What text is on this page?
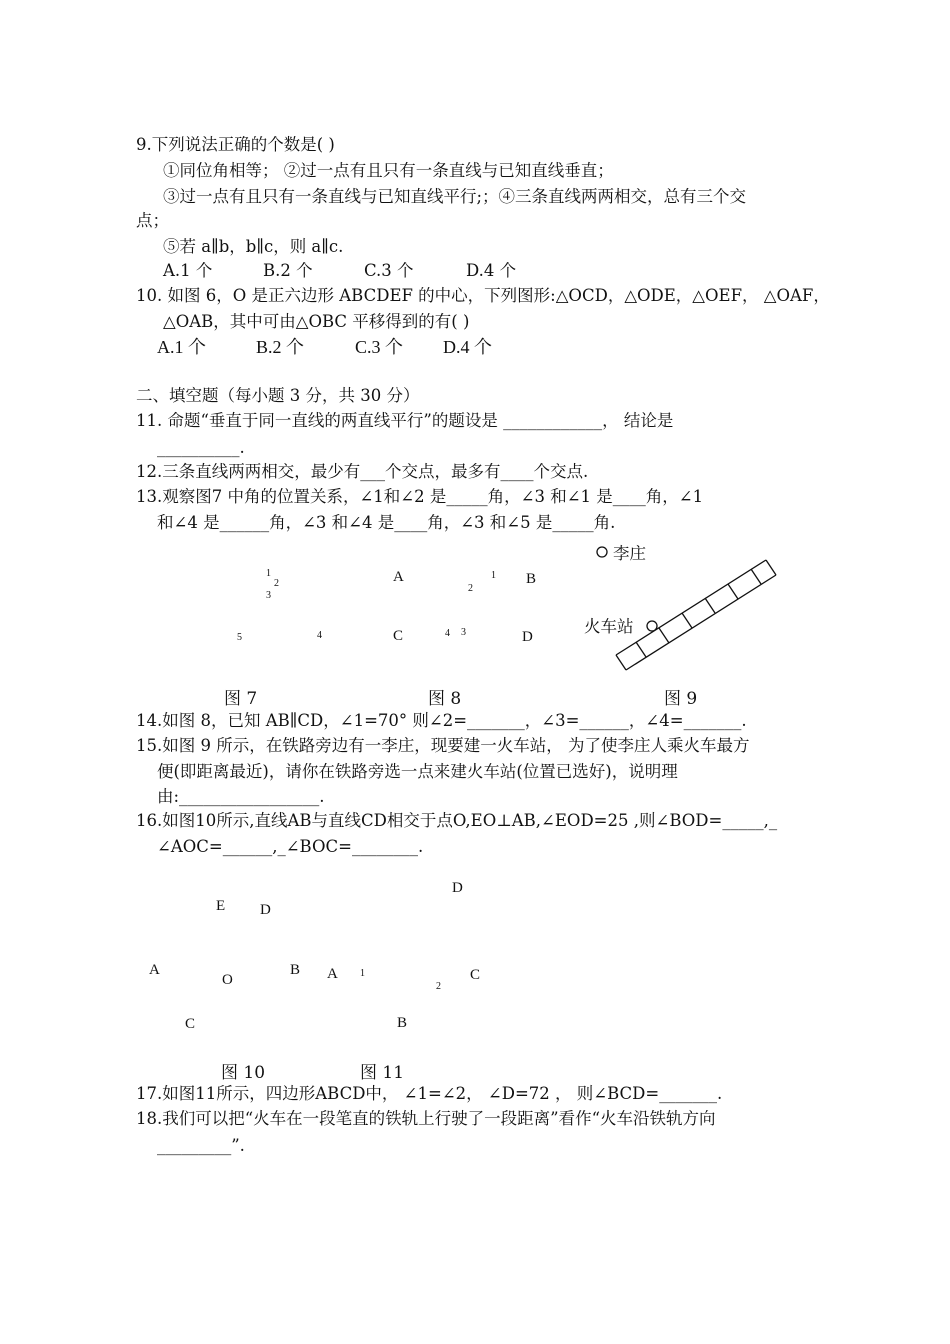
9.下列说法正确的个数是( )
①同位角相等； ②过一点有且只有一条直线与已知直线垂直；
③过一点有且只有一条直线与已知直线平行;；④三条直线两两相交，总有三个交
点；
⑤若 a∥b，b∥c，则 a∥c.
A.1 个	B.2 个	C.3 个	D.4 个
10. 如图 6，O 是正六边形 ABCDEF 的中心，下列图形:△OCD，△ODE，△OEF， △OAF，
△OAB，其中可由△OBC 平移得到的有( )
A.1 个	B.2 个	C.3 个 D.4 个
二、填空题（每小题 3 分，共 30 分）
11. 命题“垂直于同一直线的两直线平行”的题设是 ____________， 结论是
__________.
12.三条直线两两相交，最少有___个交点，最多有____个交点.
13.观察图7 中角的位置关系，∠1和∠2 是_____角，∠3 和∠1 是____角，∠1
和∠4 是______角，∠3 和∠4 是____角，∠3 和∠5 是_____角.
1
2
3
5	4
A
2
1 B
C	4 3	D
李庄
火车站
图 7	图 8	图 9
14.如图 8，已知 AB∥CD，∠1=70° 则∠2=_______，∠3=______，∠4=_______.
15.如图 9 所示，在铁路旁边有一李庄，现要建一火车站， 为了使李庄人乘火车最方
便(即距离最近)，请你在铁路旁选一点来建火车站(位置已选好)，说明理
由:_________________.
16.如图10所示,直线AB与直线CD相交于点O,EO⊥AB,∠EOD=25 ,则∠BOD=_____,_
∠AOC=______,_∠BOC=________.
E D
A
O
B
C
D
A 1	C
2
B
图 10	图 11
17.如图11所示，四边形ABCD中， ∠1=∠2， ∠D=72 ， 则∠BCD=_______.
18.我们可以把“火车在一段笔直的铁轨上行驶了一段距离”看作“火车沿铁轨方向
_________”.
